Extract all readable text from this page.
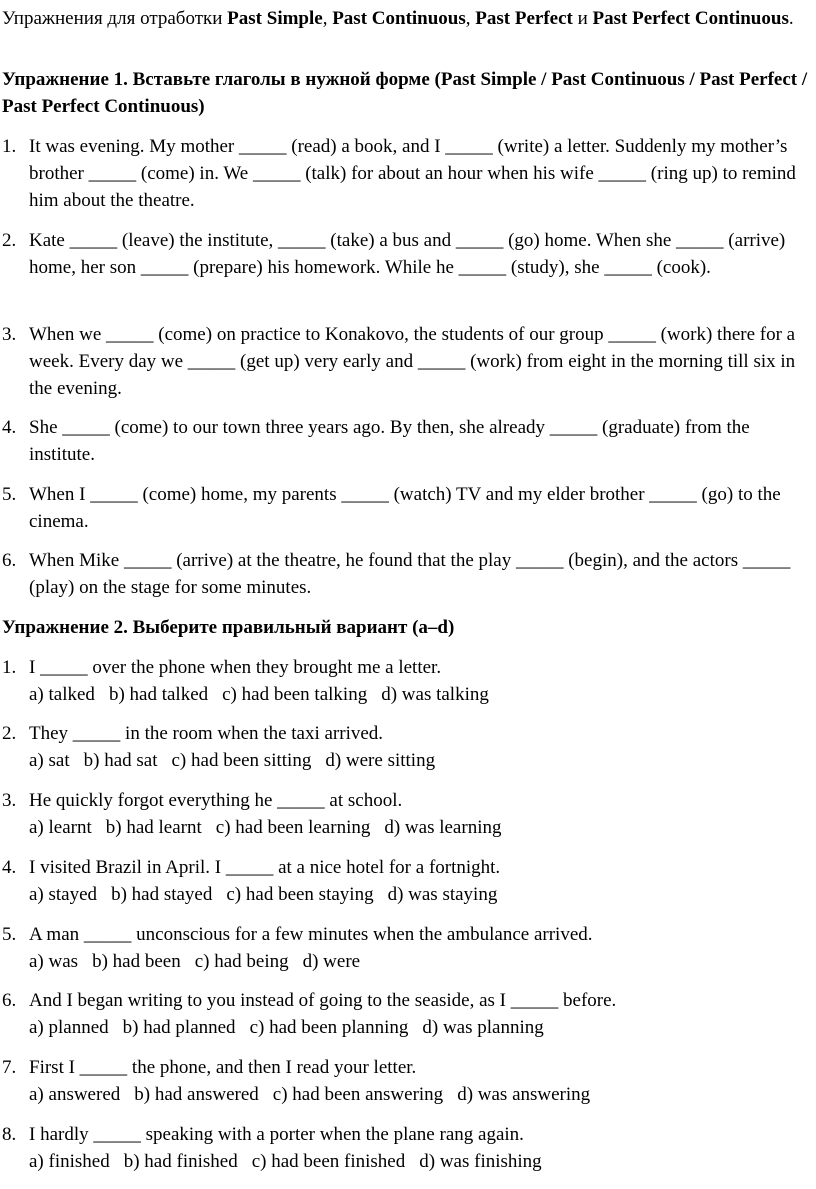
Упражнения для отработки Past Simple, Past Continuous, Past Perfect и Past Perfect Continuous.
Упражнение 1. Вставьте глаголы в нужной форме (Past Simple / Past Continuous / Past Perfect / Past Perfect Continuous)
1. It was evening. My mother _____ (read) a book, and I _____ (write) a letter. Suddenly my mother’s brother _____ (come) in. We _____ (talk) for about an hour when his wife _____ (ring up) to remind him about the theatre.
2. Kate _____ (leave) the institute, _____ (take) a bus and _____ (go) home. When she _____ (arrive) home, her son _____ (prepare) his homework. While he _____ (study), she _____ (cook).
3. When we _____ (come) on practice to Konakovo, the students of our group _____ (work) there for a week. Every day we _____ (get up) very early and _____ (work) from eight in the morning till six in the evening.
4. She _____ (come) to our town three years ago. By then, she already _____ (graduate) from the institute.
5. When I _____ (come) home, my parents _____ (watch) TV and my elder brother _____ (go) to the cinema.
6. When Mike _____ (arrive) at the theatre, he found that the play _____ (begin), and the actors _____ (play) on the stage for some minutes.
Упражнение 2. Выберите правильный вариант (a–d)
1. I _____ over the phone when they brought me a letter.
a) talked b) had talked c) had been talking d) was talking
2. They _____ in the room when the taxi arrived.
a) sat b) had sat c) had been sitting d) were sitting
3. He quickly forgot everything he _____ at school.
a) learnt b) had learnt c) had been learning d) was learning
4. I visited Brazil in April. I _____ at a nice hotel for a fortnight.
a) stayed b) had stayed c) had been staying d) was staying
5. A man _____ unconscious for a few minutes when the ambulance arrived.
a) was b) had been c) had being d) were
6. And I began writing to you instead of going to the seaside, as I _____ before.
a) planned b) had planned c) had been planning d) was planning
7. First I _____ the phone, and then I read your letter.
a) answered b) had answered c) had been answering d) was answering
8. I hardly _____ speaking with a porter when the plane rang again.
a) finished b) had finished c) had been finished d) was finishing
